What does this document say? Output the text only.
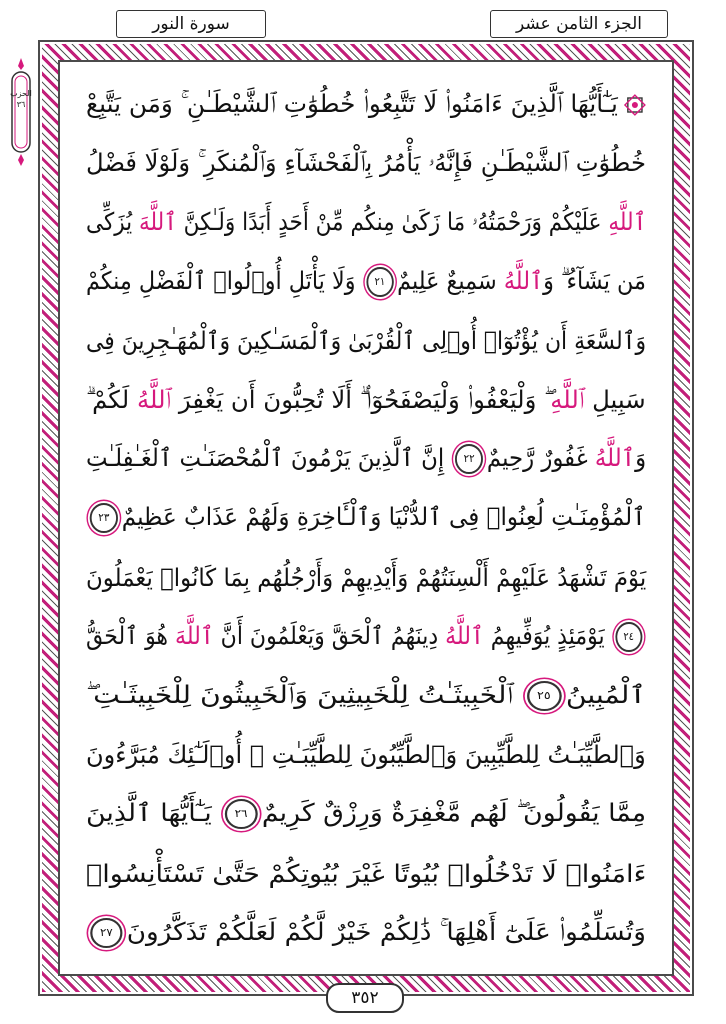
الجزء الثامن عشر
سورة النور
الحزب ٣٦	يَـٰٓأَيُّهَا ٱلَّذِينَ ءَامَنُوا۟ لَا تَتَّبِعُوا۟ خُطُوَٰتِ ٱلشَّيْطَـٰنِ ۚ وَمَن يَتَّبِعْ
خُطُوَٰتِ ٱلشَّيْطَـٰنِ فَإِنَّهُۥ يَأْمُرُ بِٱلْفَحْشَآءِ وَٱلْمُنكَرِ ۚ وَلَوْلَا فَضْلُ
ٱللَّهِ عَلَيْكُمْ وَرَحْمَتُهُۥ مَا زَكَىٰ مِنكُم مِّنْ أَحَدٍ أَبَدًا وَلَـٰكِنَّ ٱللَّهَ يُزَكِّى
مَن يَشَآءُ ۗ وَٱللَّهُ سَمِيعٌ عَلِيمٌ٢١ وَلَا يَأْتَلِ أُو۟لُوا۟ ٱلْفَضْلِ مِنكُمْ
وَٱلسَّعَةِ أَن يُؤْتُوٓا۟ أُو۟لِى ٱلْقُرْبَىٰ وَٱلْمَسَـٰكِينَ وَٱلْمُهَـٰجِرِينَ فِى
سَبِيلِ ٱللَّهِ ۖ وَلْيَعْفُوا۟ وَلْيَصْفَحُوٓا۟ ۗ أَلَا تُحِبُّونَ أَن يَغْفِرَ ٱللَّهُ لَكُمْ ۗ
وَٱللَّهُ غَفُورٌ رَّحِيمٌ٢٢ إِنَّ ٱلَّذِينَ يَرْمُونَ ٱلْمُحْصَنَـٰتِ ٱلْغَـٰفِلَـٰتِ
ٱلْمُؤْمِنَـٰتِ لُعِنُوا۟ فِى ٱلدُّنْيَا وَٱلْـَٔاخِرَةِ وَلَهُمْ عَذَابٌ عَظِيمٌ٢٣
يَوْمَ تَشْهَدُ عَلَيْهِمْ أَلْسِنَتُهُمْ وَأَيْدِيهِمْ وَأَرْجُلُهُم بِمَا كَانُوا۟ يَعْمَلُونَ
٢٤ يَوْمَئِذٍ يُوَفِّيهِمُ ٱللَّهُ دِينَهُمُ ٱلْحَقَّ وَيَعْلَمُونَ أَنَّ ٱللَّهَ هُوَ ٱلْحَقُّ
ٱلْمُبِينُ٢٥ ٱلْخَبِيثَـٰتُ لِلْخَبِيثِينَ وَٱلْخَبِيثُونَ لِلْخَبِيثَـٰتِ ۖ
وَٱلطَّيِّبَـٰتُ لِلطَّيِّبِينَ وَٱلطَّيِّبُونَ لِلطَّيِّبَـٰتِ ۚ أُو۟لَـٰٓئِكَ مُبَرَّءُونَ
مِمَّا يَقُولُونَ ۖ لَهُم مَّغْفِرَةٌ وَرِزْقٌ كَرِيمٌ٢٦ يَـٰٓأَيُّهَا ٱلَّذِينَ
ءَامَنُوا۟ لَا تَدْخُلُوا۟ بُيُوتًا غَيْرَ بُيُوتِكُمْ حَتَّىٰ تَسْتَأْنِسُوا۟
وَتُسَلِّمُوا۟ عَلَىٰٓ أَهْلِهَا ۚ ذَٰلِكُمْ خَيْرٌ لَّكُمْ لَعَلَّكُمْ تَذَكَّرُونَ٢٧
٣٥٢
